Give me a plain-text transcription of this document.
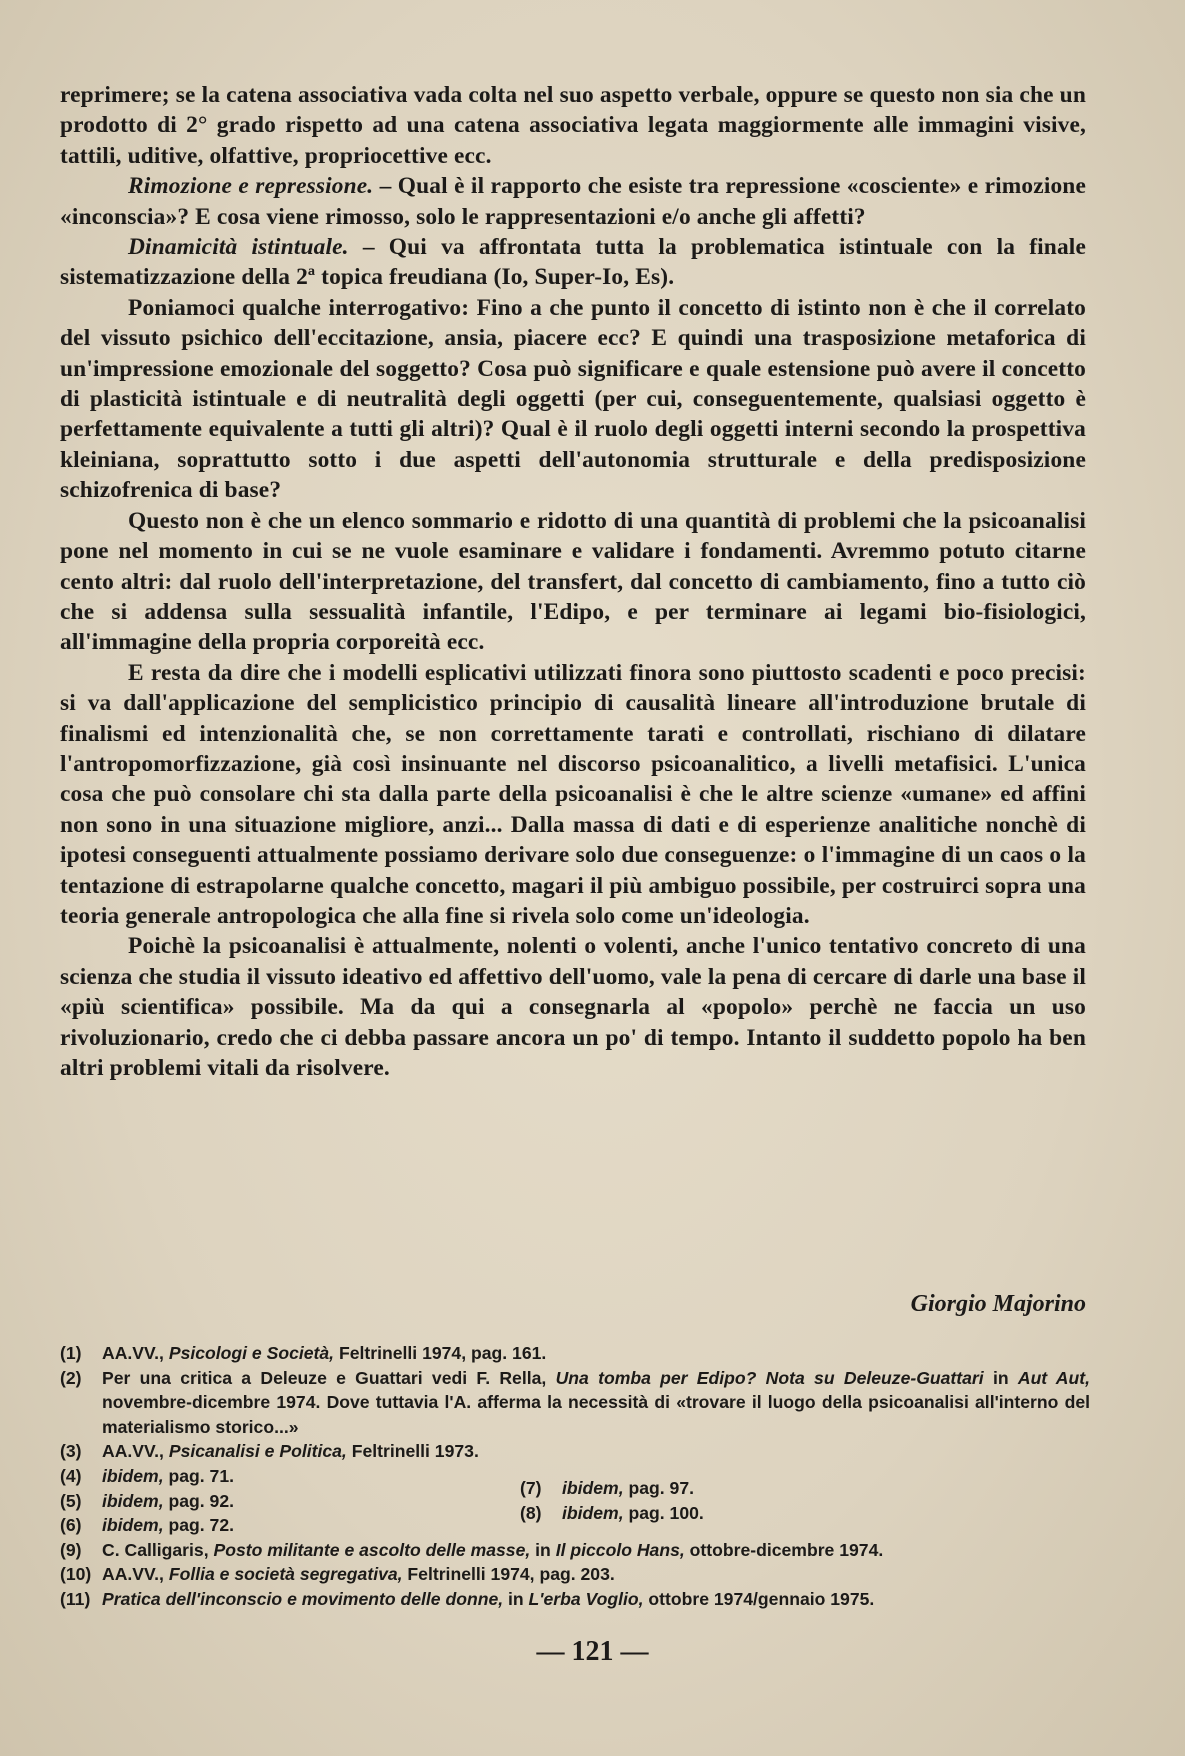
reprimere; se la catena associativa vada colta nel suo aspetto verbale, oppure se questo non sia che un prodotto di 2° grado rispetto ad una catena associativa legata maggiormente alle immagini visive, tattili, uditive, olfattive, propriocettive ecc.

Rimozione e repressione. – Qual è il rapporto che esiste tra repressione «cosciente» e rimozione «inconscia»? E cosa viene rimosso, solo le rappresentazioni e/o anche gli affetti?

Dinamicità istintuale. – Qui va affrontata tutta la problematica istintuale con la finale sistematizzazione della 2ª topica freudiana (Io, Super-Io, Es).

Poniamoci qualche interrogativo: Fino a che punto il concetto di istinto non è che il correlato del vissuto psichico dell'eccitazione, ansia, piacere ecc? E quindi una trasposizione metaforica di un'impressione emozionale del soggetto? Cosa può significare e quale estensione può avere il concetto di plasticità istintuale e di neutralità degli oggetti (per cui, conseguentemente, qualsiasi oggetto è perfettamente equivalente a tutti gli altri)? Qual è il ruolo degli oggetti interni secondo la prospettiva kleiniana, soprattutto sotto i due aspetti dell'autonomia strutturale e della predisposizione schizofrenica di base?

Questo non è che un elenco sommario e ridotto di una quantità di problemi che la psicoanalisi pone nel momento in cui se ne vuole esaminare e validare i fondamenti. Avremmo potuto citarne cento altri: dal ruolo dell'interpretazione, del transfert, dal concetto di cambiamento, fino a tutto ciò che si addensa sulla sessualità infantile, l'Edipo, e per terminare ai legami bio-fisiologici, all'immagine della propria corporeità ecc.

E resta da dire che i modelli esplicativi utilizzati finora sono piuttosto scadenti e poco precisi: si va dall'applicazione del semplicistico principio di causalità lineare all'introduzione brutale di finalismi ed intenzionalità che, se non correttamente tarati e controllati, rischiano di dilatare l'antropomorfizzazione, già così insinuante nel discorso psicoanalitico, a livelli metafisici. L'unica cosa che può consolare chi sta dalla parte della psicoanalisi è che le altre scienze «umane» ed affini non sono in una situazione migliore, anzi... Dalla massa di dati e di esperienze analitiche nonchè di ipotesi conseguenti attualmente possiamo derivare solo due conseguenze: o l'immagine di un caos o la tentazione di estrapolarne qualche concetto, magari il più ambiguo possibile, per costruirci sopra una teoria generale antropologica che alla fine si rivela solo come un'ideologia.

Poichè la psicoanalisi è attualmente, nolenti o volenti, anche l'unico tentativo concreto di una scienza che studia il vissuto ideativo ed affettivo dell'uomo, vale la pena di cercare di darle una base il «più scientifica» possibile. Ma da qui a consegnarla al «popolo» perchè ne faccia un uso rivoluzionario, credo che ci debba passare ancora un po' di tempo. Intanto il suddetto popolo ha ben altri problemi vitali da risolvere.

Giorgio Majorino
(1)	AA.VV., Psicologi e Società, Feltrinelli 1974, pag. 161.
(2)	Per una critica a Deleuze e Guattari vedi F. Rella, Una tomba per Edipo? Nota su Deleuze-Guattari in Aut Aut, novembre-dicembre 1974. Dove tuttavia l'A. afferma la necessità di «trovare il luogo della psicoanalisi all'interno del materialismo storico...»
(3)	AA.VV., Psicanalisi e Politica, Feltrinelli 1973.
(4)	ibidem, pag. 71.
(5)	ibidem, pag. 92.
(6)	ibidem, pag. 72.
(7)	ibidem, pag. 97.
(8)	ibidem, pag. 100.
(9)	C. Calligaris, Posto militante e ascolto delle masse, in Il piccolo Hans, ottobre-dicembre 1974.
(10) AA.VV., Follia e società segregativa, Feltrinelli 1974, pag. 203.
(11) Pratica dell'inconscio e movimento delle donne, in L'erba Voglio, ottobre 1974/gennaio 1975.
— 121 —
